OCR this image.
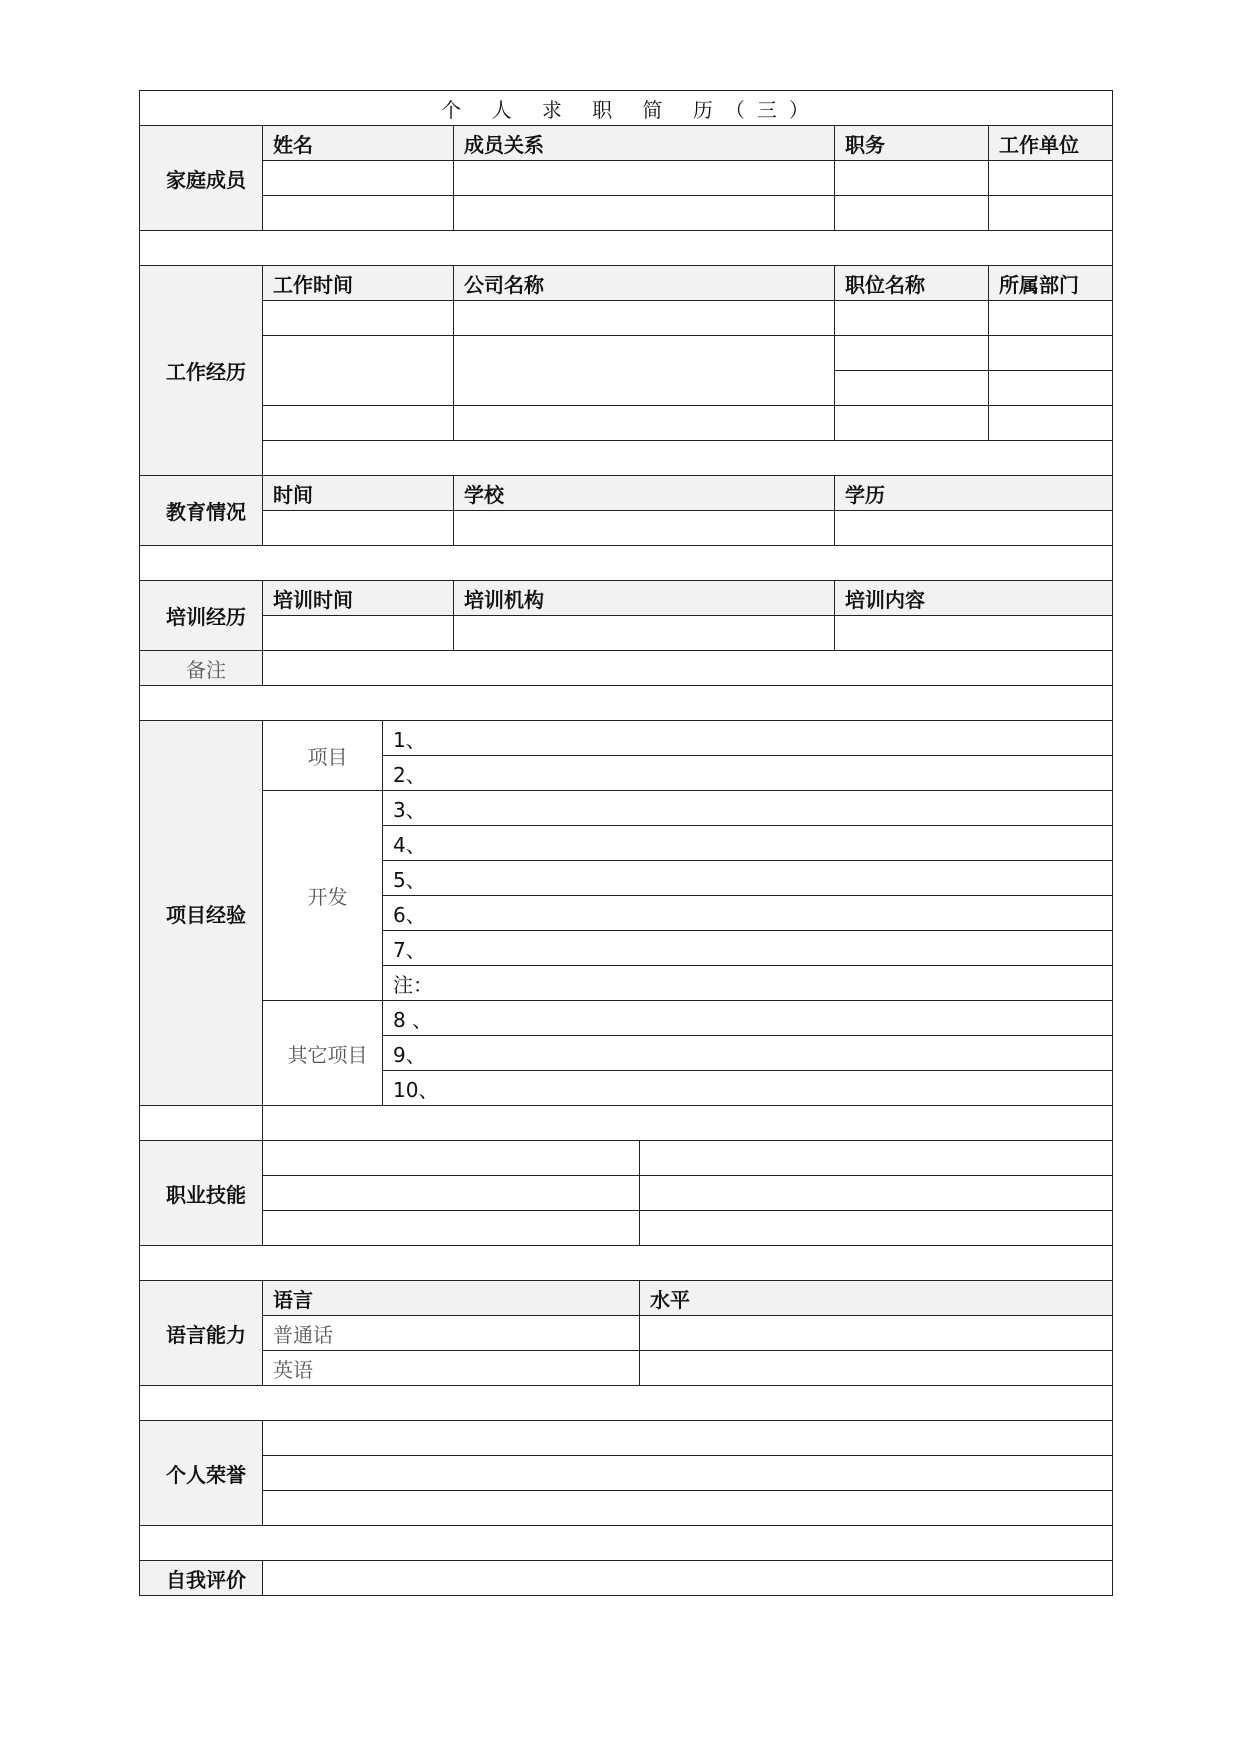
个 人 求 职 简 历（三）						
家庭成员	姓名		成员关系		职务	工作单位

工作经历	工作时间		公司名称		职位名称	所属部门

教育情况	时间		学校		学历	

培训经历	培训时间		培训机构		培训内容	

备注						

项目经验	项目	1、				
		2、				
	开发	3、				
		4、				
		5、				
		6、				
		7、				
		注：				
	其它项目	8 、				
		9、				
		10、				

职业技能						

语言能力	语言			水平		
	普通话					
	英语					

个人荣誉						

自我评价						
